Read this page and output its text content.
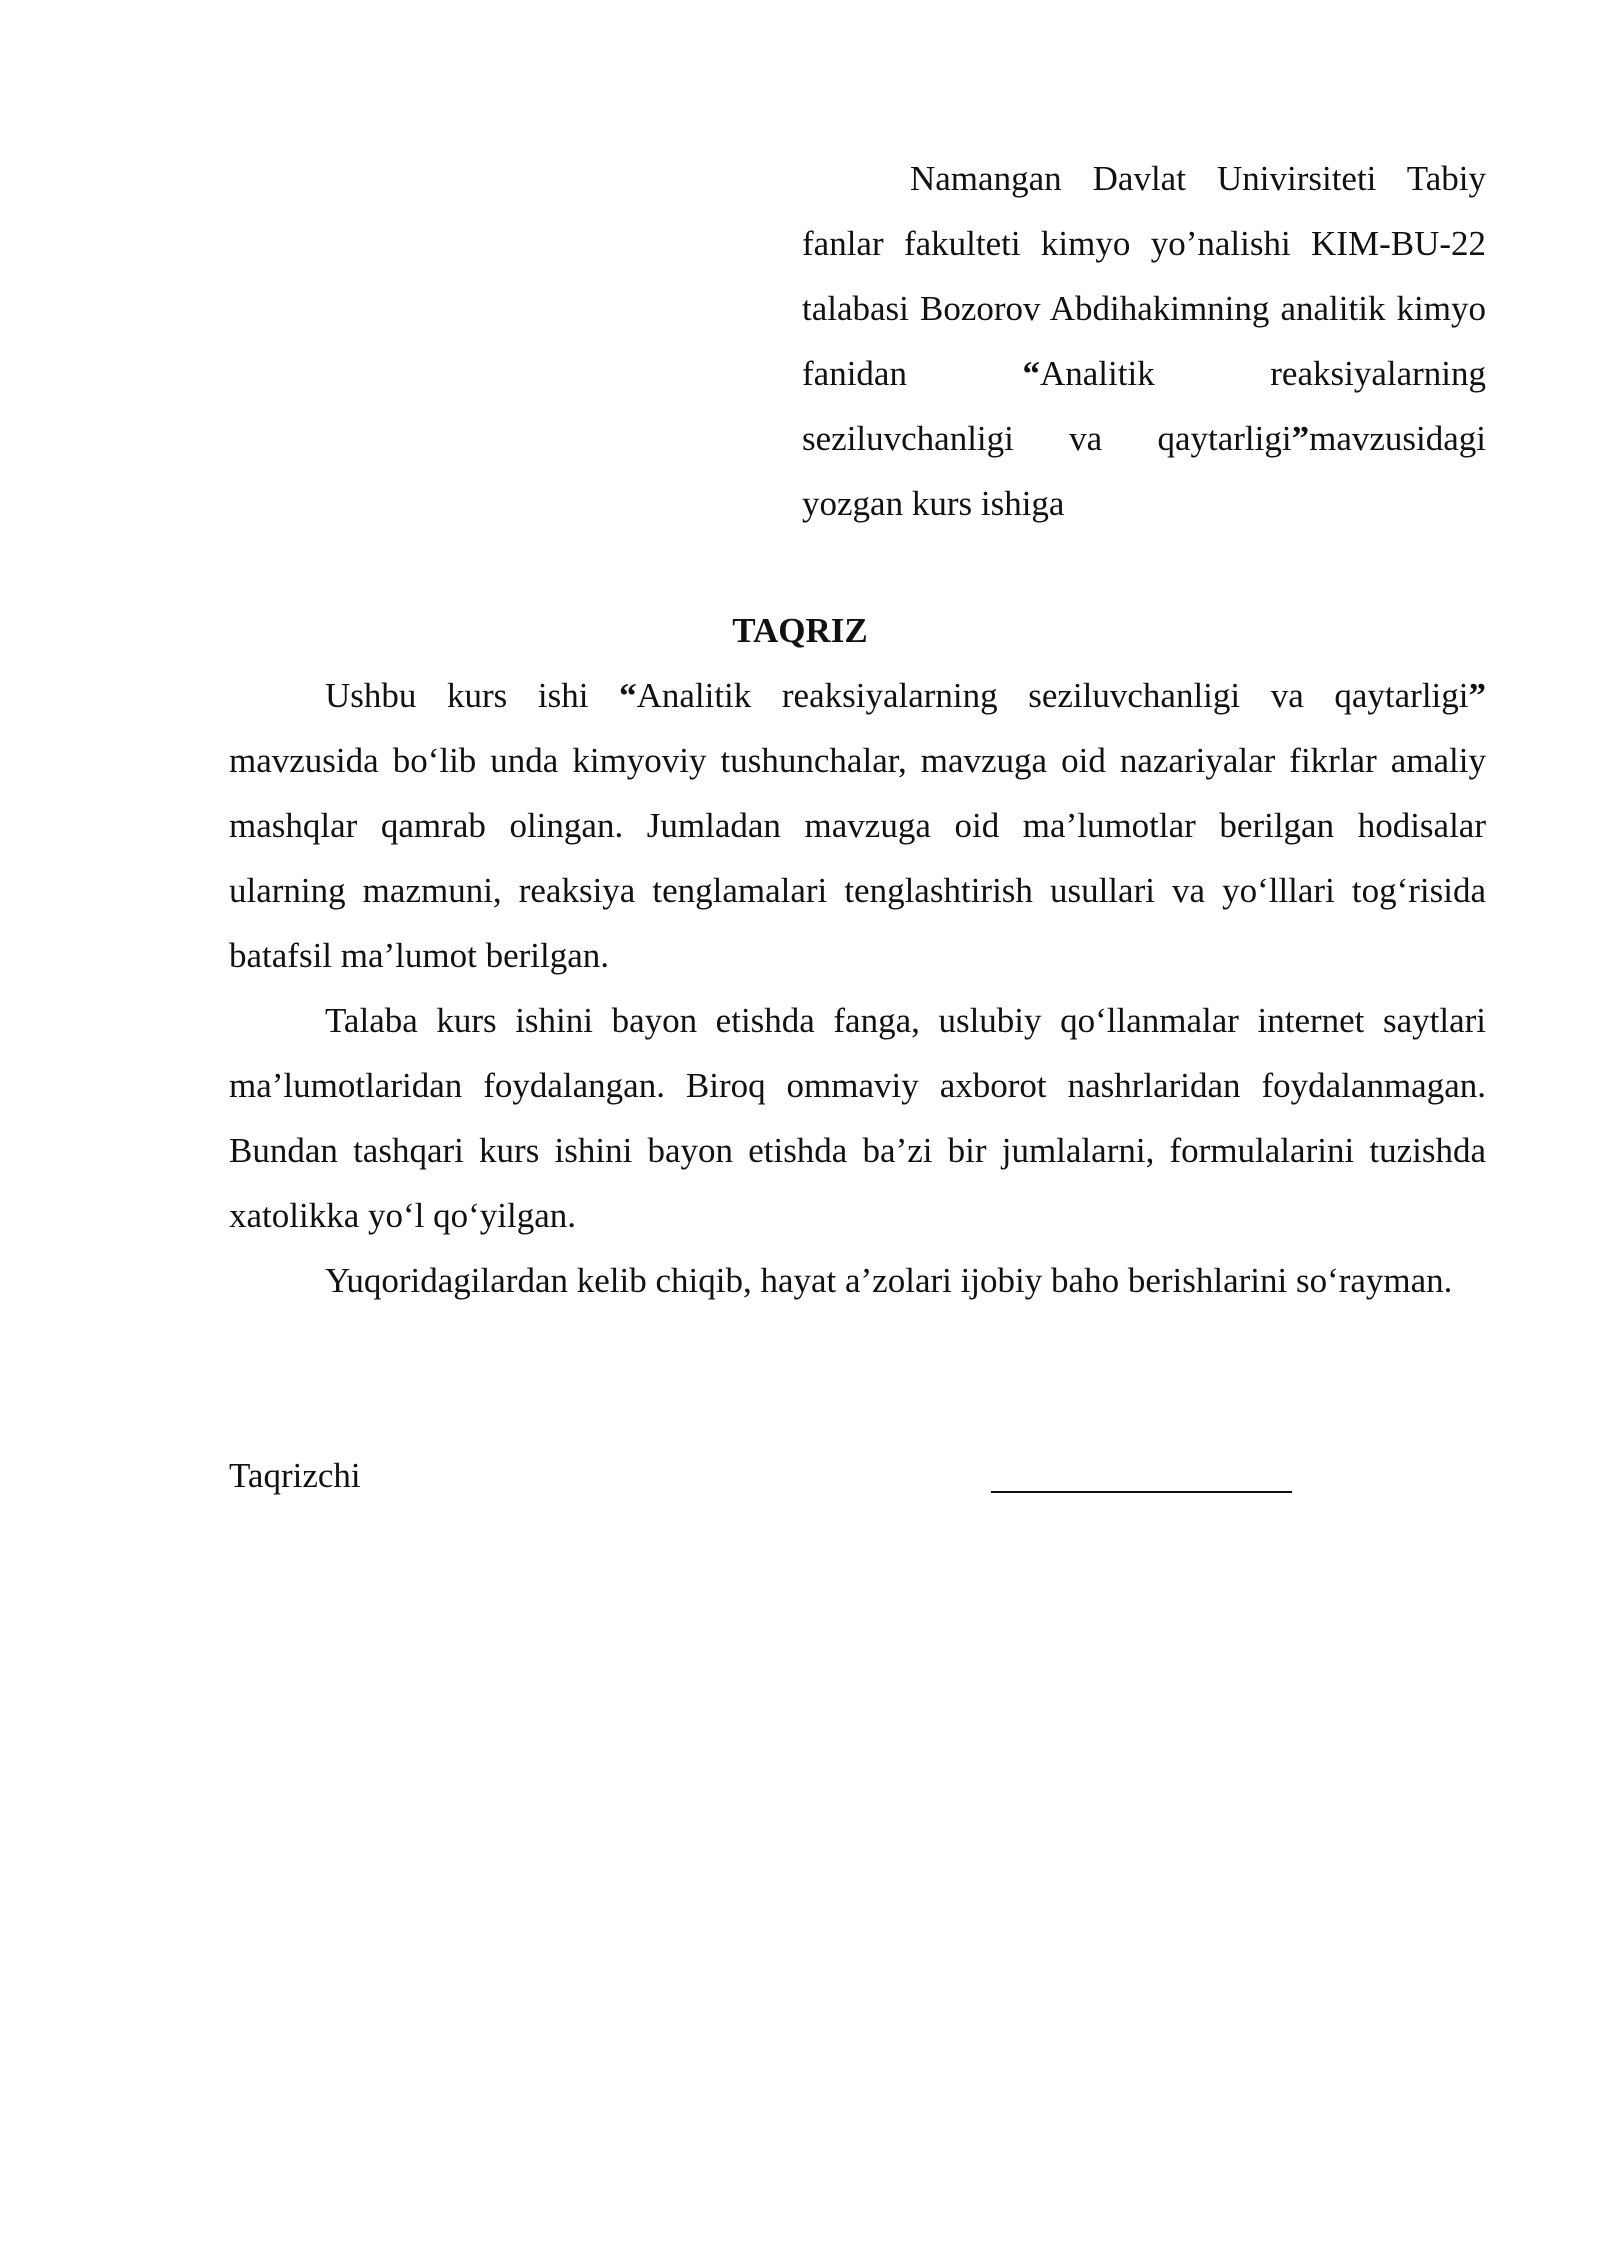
Namangan Davlat Univirsiteti Tabiy fanlar fakulteti kimyo yo’nalishi KIM-BU-22 talabasi Bozorov Abdihakimning analitik kimyo fanidan “Analitik reaksiyalarning seziluvchanligi va qaytarligi”mavzusidagi yozgan kurs ishiga

TAQRIZ

Ushbu kurs ishi “Analitik reaksiyalarning seziluvchanligi va qaytarligi” mavzusida bo‘lib unda kimyoviy tushunchalar, mavzuga oid nazariyalar fikrlar amaliy mashqlar qamrab olingan. Jumladan mavzuga oid ma’lumotlar berilgan hodisalar ularning mazmuni, reaksiya tenglamalari tenglashtirish usullari va yo‘lllari tog‘risida batafsil ma’lumot berilgan.

Talaba kurs ishini bayon etishda fanga, uslubiy qo‘llanmalar internet saytlari ma’lumotlaridan foydalangan. Biroq ommaviy axborot nashrlaridan foydalanmagan. Bundan tashqari kurs ishini bayon etishda ba’zi bir jumlalarni, formulalarini tuzishda xatolikka yo‘l qo‘yilgan.

Yuqoridagilardan kelib chiqib, hayat a’zolari ijobiy baho berishlarini so‘rayman.

Taqrizchi
